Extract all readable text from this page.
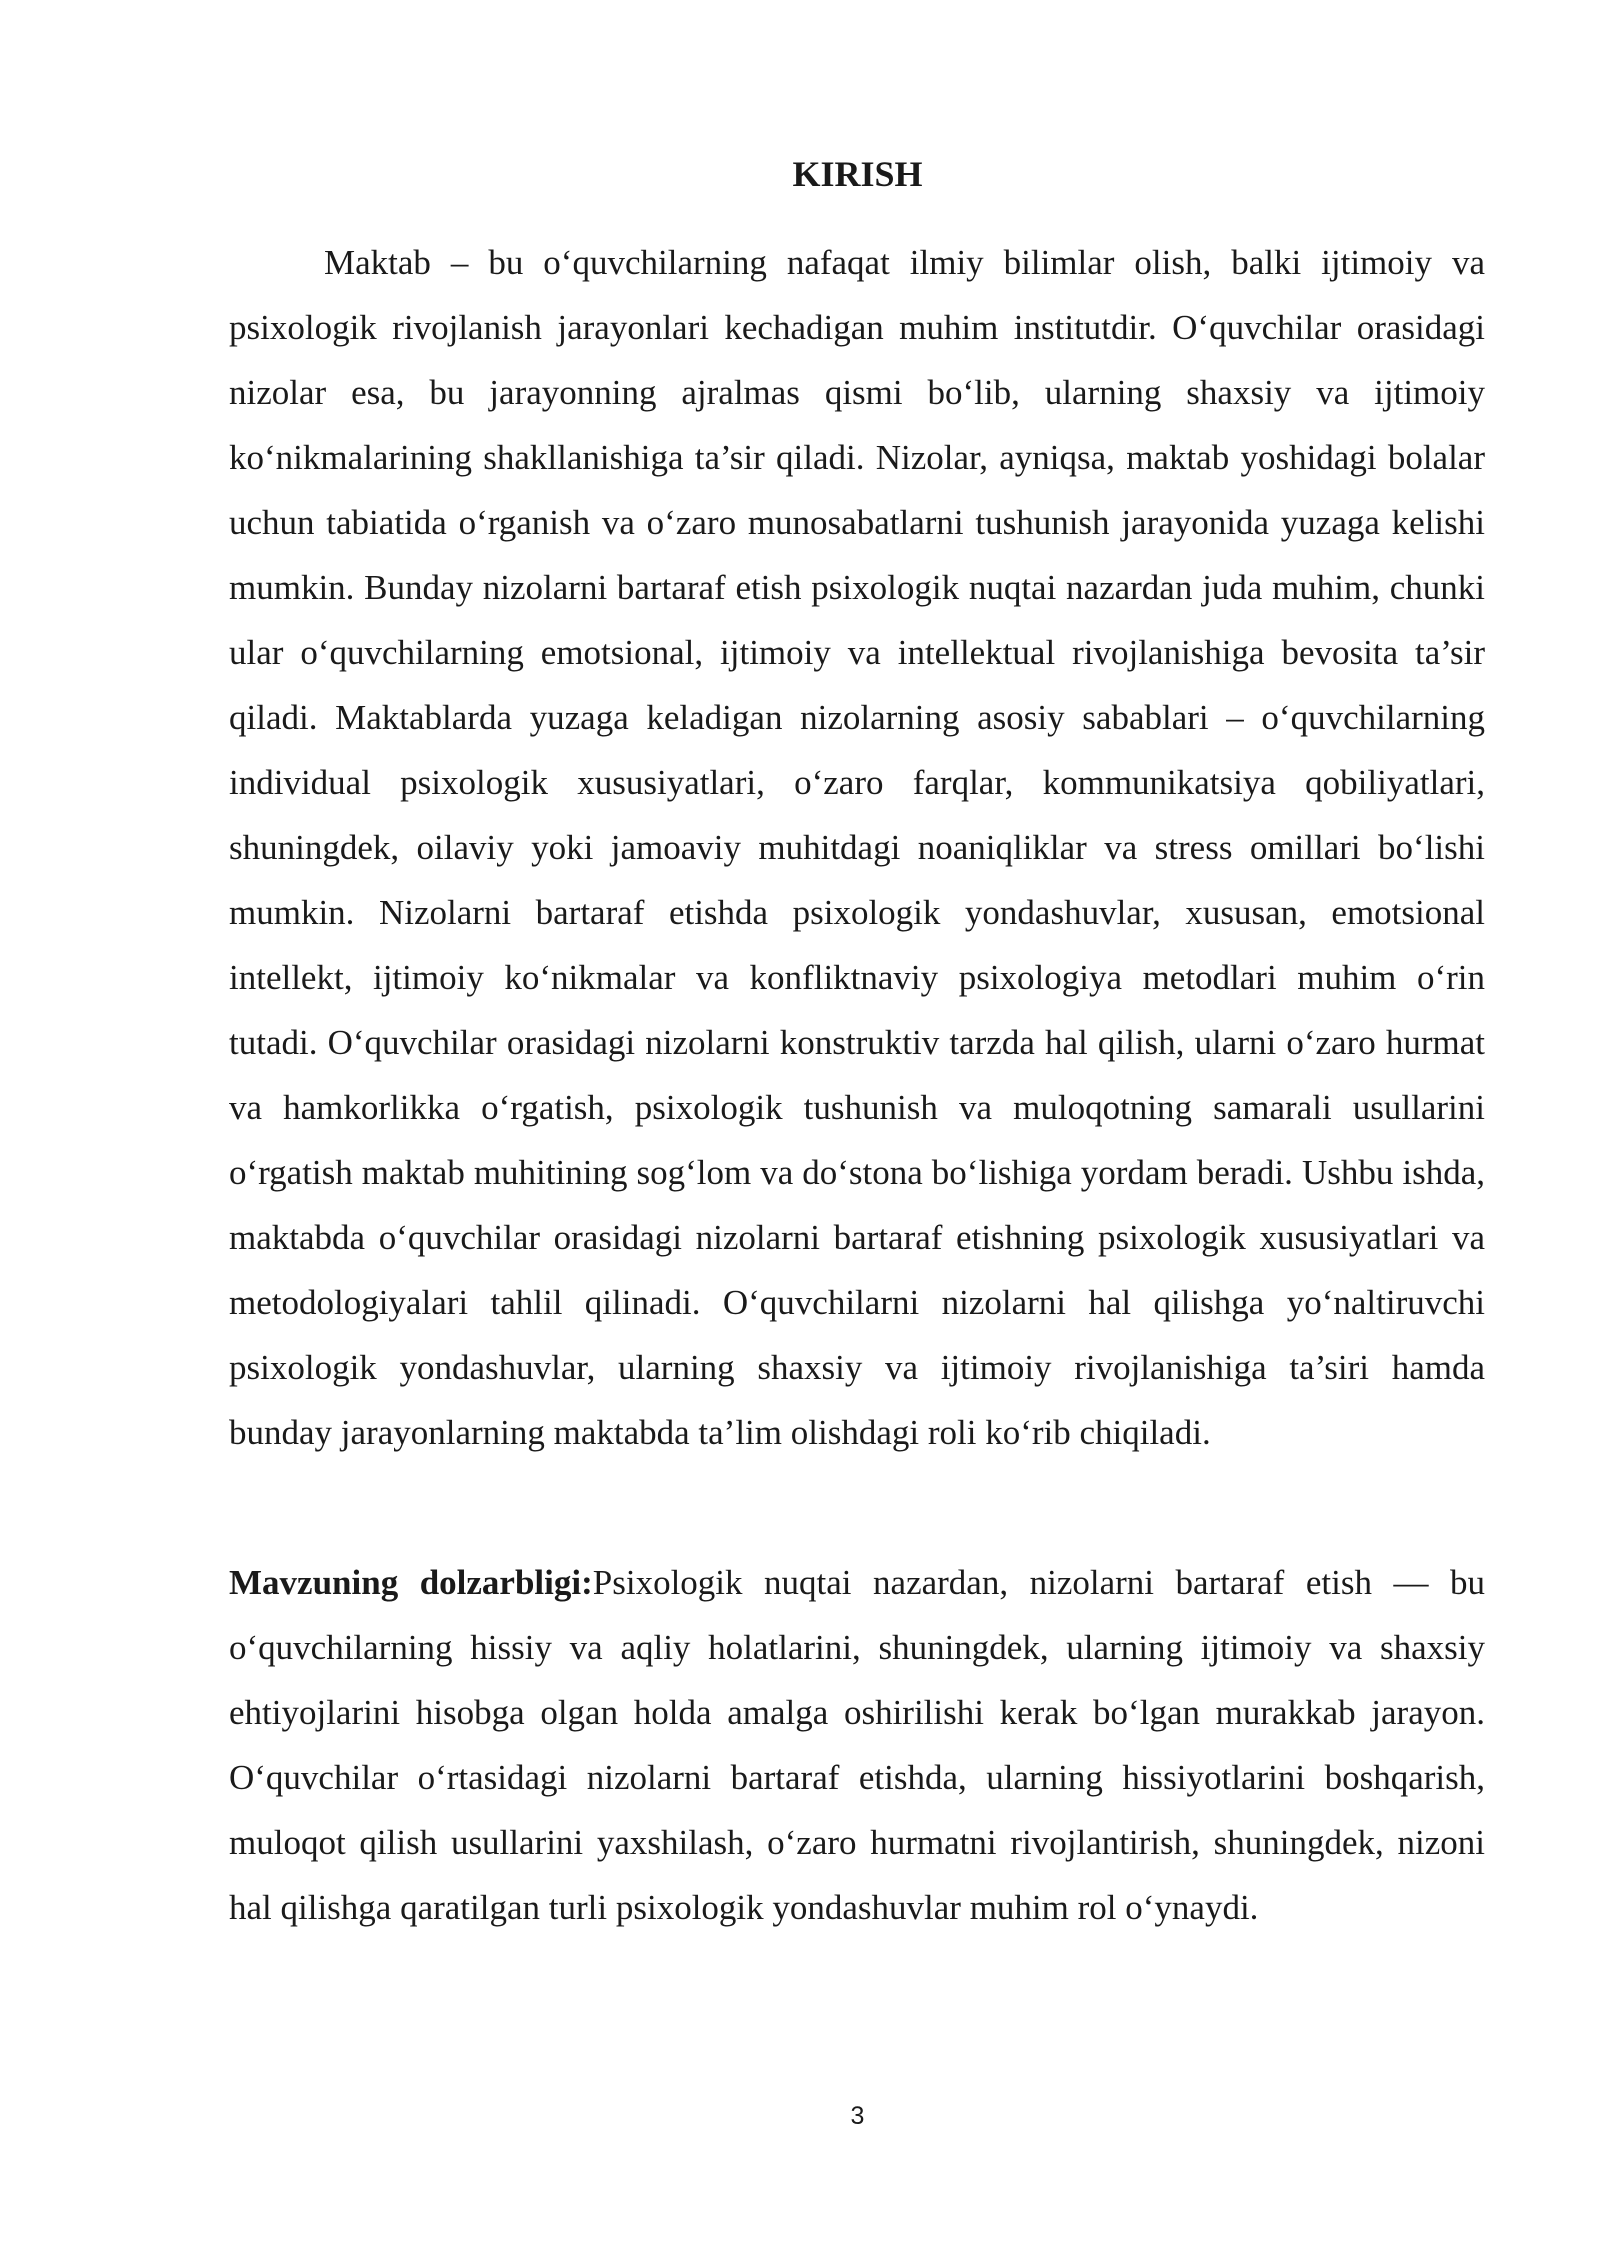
KIRISH

Maktab – bu o‘quvchilarning nafaqat ilmiy bilimlar olish, balki ijtimoiy va psixologik rivojlanish jarayonlari kechadigan muhim institutdir. O‘quvchilar orasidagi nizolar esa, bu jarayonning ajralmas qismi bo‘lib, ularning shaxsiy va ijtimoiy ko‘nikmalarining shakllanishiga ta’sir qiladi. Nizolar, ayniqsa, maktab yoshidagi bolalar uchun tabiatida o‘rganish va o‘zaro munosabatlarni tushunish jarayonida yuzaga kelishi mumkin. Bunday nizolarni bartaraf etish psixologik nuqtai nazardan juda muhim, chunki ular o‘quvchilarning emotsional, ijtimoiy va intellektual rivojlanishiga bevosita ta’sir qiladi. Maktablarda yuzaga keladigan nizolarning asosiy sabablari – o‘quvchilarning individual psixologik xususiyatlari, o‘zaro farqlar, kommunikatsiya qobiliyatlari, shuningdek, oilaviy yoki jamoaviy muhitdagi noaniqliklar va stress omillari bo‘lishi mumkin. Nizolarni bartaraf etishda psixologik yondashuvlar, xususan, emotsional intellekt, ijtimoiy ko‘nikmalar va konfliktnaviy psixologiya metodlari muhim o‘rin tutadi. O‘quvchilar orasidagi nizolarni konstruktiv tarzda hal qilish, ularni o‘zaro hurmat va hamkorlikka o‘rgatish, psixologik tushunish va muloqotning samarali usullarini o‘rgatish maktab muhitining sog‘lom va do‘stona bo‘lishiga yordam beradi. Ushbu ishda, maktabda o‘quvchilar orasidagi nizolarni bartaraf etishning psixologik xususiyatlari va metodologiyalari tahlil qilinadi. O‘quvchilarni nizolarni hal qilishga yo‘naltiruvchi psixologik yondashuvlar, ularning shaxsiy va ijtimoiy rivojlanishiga ta’siri hamda bunday jarayonlarning maktabda ta’lim olishdagi roli ko‘rib chiqiladi.

Mavzuning dolzarbligi:Psixologik nuqtai nazardan, nizolarni bartaraf etish — bu o‘quvchilarning hissiy va aqliy holatlarini, shuningdek, ularning ijtimoiy va shaxsiy ehtiyojlarini hisobga olgan holda amalga oshirilishi kerak bo‘lgan murakkab jarayon. O‘quvchilar o‘rtasidagi nizolarni bartaraf etishda, ularning hissiyotlarini boshqarish, muloqot qilish usullarini yaxshilash, o‘zaro hurmatni rivojlantirish, shuningdek, nizoni hal qilishga qaratilgan turli psixologik yondashuvlar muhim rol o‘ynaydi.

3
